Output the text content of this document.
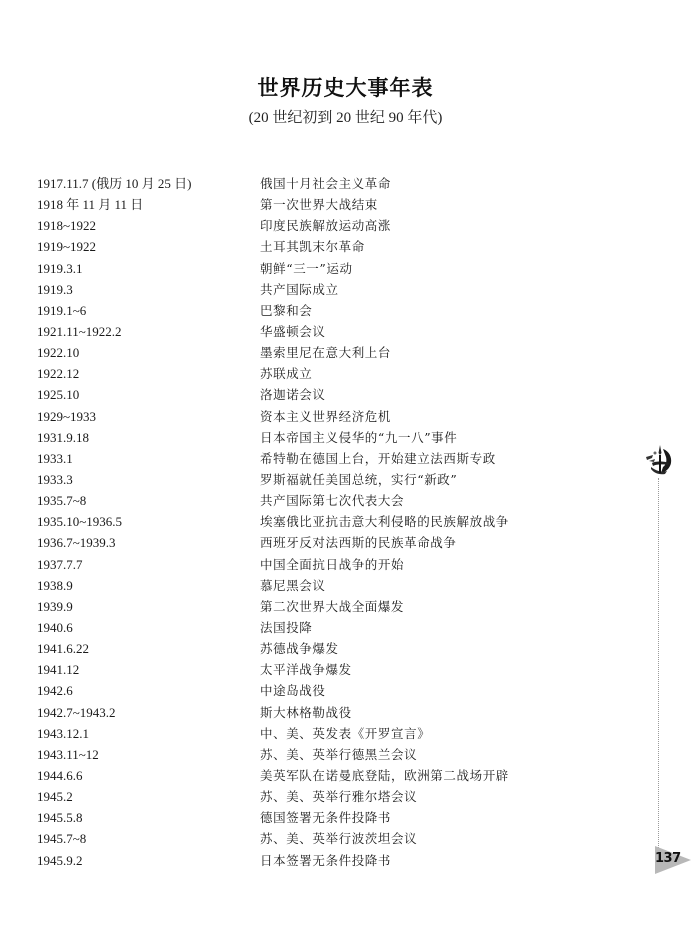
世界历史大事年表
(20 世纪初到 20 世纪 90 年代)
1917.11.7 (俄历 10 月 25 日)	俄国十月社会主义革命
1918 年 11 月 11 日	第一次世界大战结束
1918~1922	印度民族解放运动高涨
1919~1922	土耳其凯末尔革命
1919.3.1	朝鲜“三一”运动
1919.3	共产国际成立
1919.1~6	巴黎和会
1921.11~1922.2	华盛顿会议
1922.10	墨索里尼在意大利上台
1922.12	苏联成立
1925.10	洛迦诺会议
1929~1933	资本主义世界经济危机
1931.9.18	日本帝国主义侵华的“九一八”事件
1933.1	希特勒在德国上台，开始建立法西斯专政
1933.3	罗斯福就任美国总统，实行“新政”
1935.7~8	共产国际第七次代表大会
1935.10~1936.5	埃塞俄比亚抗击意大利侵略的民族解放战争
1936.7~1939.3	西班牙反对法西斯的民族革命战争
1937.7.7	中国全面抗日战争的开始
1938.9	慕尼黑会议
1939.9	第二次世界大战全面爆发
1940.6	法国投降
1941.6.22	苏德战争爆发
1941.12	太平洋战争爆发
1942.6	中途岛战役
1942.7~1943.2	斯大林格勒战役
1943.12.1	中、美、英发表《开罗宣言》
1943.11~12	苏、美、英举行德黑兰会议
1944.6.6	美英军队在诺曼底登陆，欧洲第二战场开辟
1945.2	苏、美、英举行雅尔塔会议
1945.5.8	德国签署无条件投降书
1945.7~8	苏、美、英举行波茨坦会议
1945.9.2	日本签署无条件投降书	137
